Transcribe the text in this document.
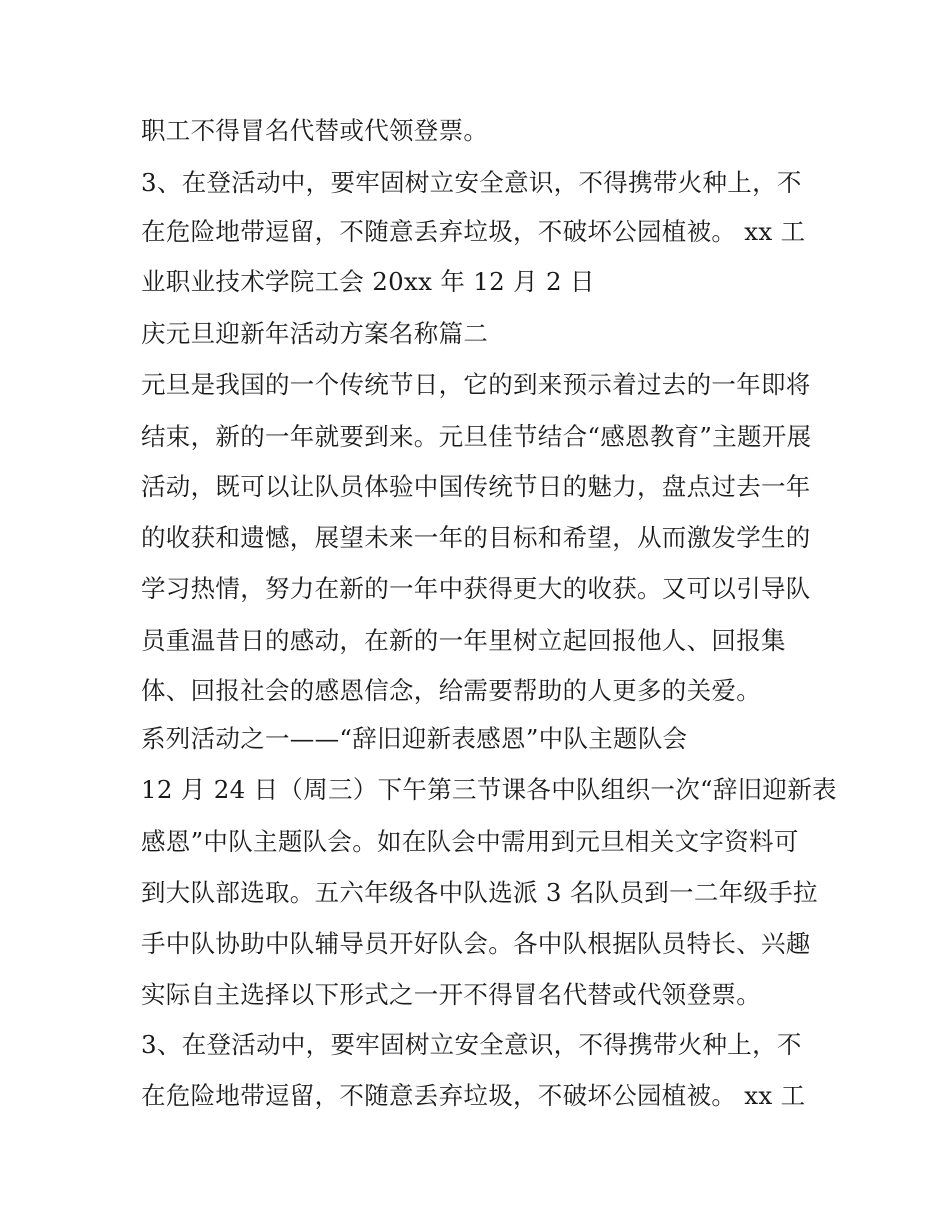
职工不得冒名代替或代领登票。
3、在登活动中，要牢固树立安全意识，不得携带火种上，不
在危险地带逗留，不随意丢弃垃圾，不破坏公园植被。 xx 工
业职业技术学院工会 20xx 年 12 月 2 日
庆元旦迎新年活动方案名称篇二
元旦是我国的一个传统节日，它的到来预示着过去的一年即将
结束，新的一年就要到来。元旦佳节结合“感恩教育”主题开展
活动，既可以让队员体验中国传统节日的魅力，盘点过去一年
的收获和遗憾，展望未来一年的目标和希望，从而激发学生的
学习热情，努力在新的一年中获得更大的收获。又可以引导队
员重温昔日的感动，在新的一年里树立起回报他人、回报集
体、回报社会的感恩信念，给需要帮助的人更多的关爱。
系列活动之一——“辞旧迎新表感恩”中队主题队会
12 月 24 日（周三）下午第三节课各中队组织一次“辞旧迎新表
感恩”中队主题队会。如在队会中需用到元旦相关文字资料可
到大队部选取。五六年级各中队选派 3 名队员到一二年级手拉
手中队协助中队辅导员开好队会。各中队根据队员特长、兴趣
实际自主选择以下形式之一开不得冒名代替或代领登票。
3、在登活动中，要牢固树立安全意识，不得携带火种上，不
在危险地带逗留，不随意丢弃垃圾，不破坏公园植被。 xx 工
